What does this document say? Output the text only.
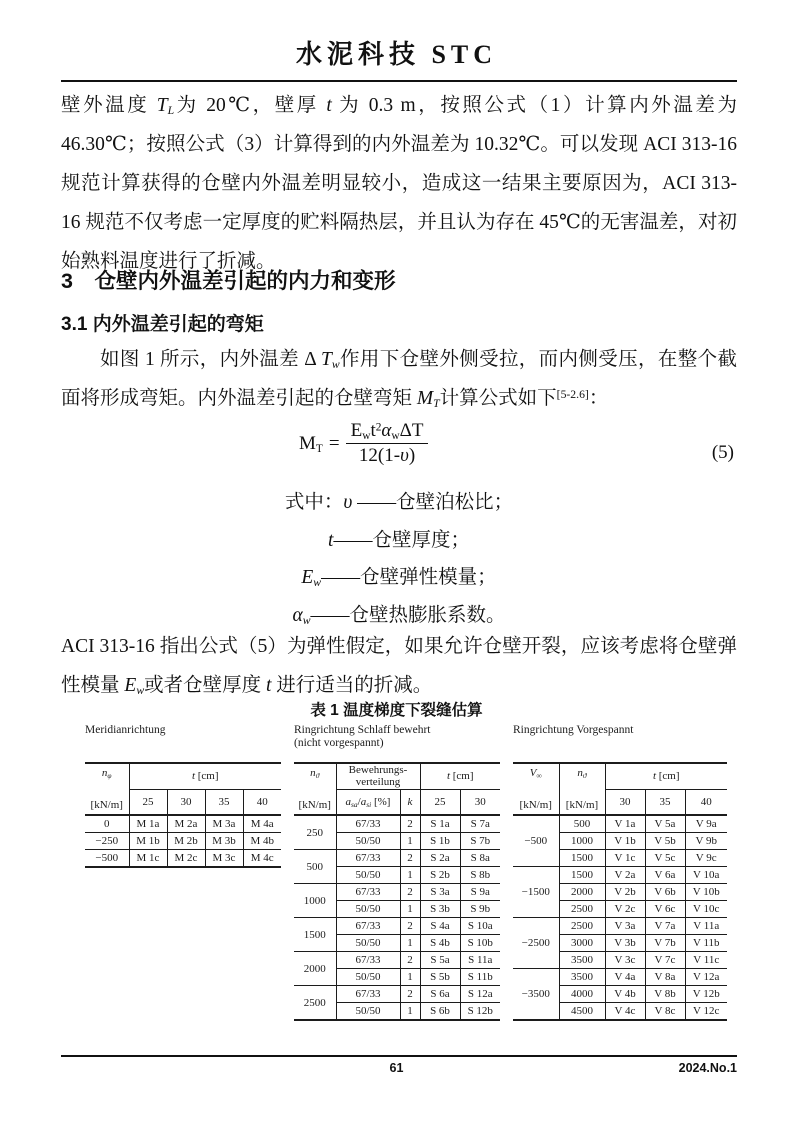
水泥科技 STC

壁外温度 $T_L$为 20℃，壁厚 t 为 0.3 m，按照公式（1）计算内外温差为 46.30℃；按照公式（3）计算得到的内外温差为 10.32℃。可以发现 ACI 313-16 规范计算获得的仓壁内外温差明显较小，造成这一结果主要原因为，ACI 313-16 规范不仅考虑一定厚度的贮料隔热层，并且认为存在 45℃的无害温差，对初始熟料温度进行了折减。

3　仓壁内外温差引起的内力和变形
3.1 内外温差引起的弯矩

如图 1 所示，内外温差 Δ $T_w$作用下仓壁外侧受拉，而内侧受压，在整个截面将形成弯矩。内外温差引起的仓壁弯矩 $M_T$计算公式如下[5-2.6]：

$M_T = \frac{E_wt^2\alpha_w\Delta T}{12(1-\upsilon)}$	(5)
式中：υ ——仓壁泊松比；
t——仓壁厚度；
$E_w——$仓壁弹性模量；
$\alpha_w——$仓壁热膨胀系数。

ACI 313-16 指出公式（5）为弹性假定，如果允许仓壁开裂，应该考虑将仓壁弹性模量 $E_w$或者仓壁厚度 t 进行适当的折减。

表 1 温度梯度下裂缝估算
Meridianrichtung
$n_\varphi$
[kN/m]	t [cm]			

	25	30	35	40

0	M 1a	M 2a	M 3a	M 4a
−250	M 1b	M 2b	M 3b	M 4b
−500	M 1c	M 2c	M 3c	M 4c
Ringrichtung Schlaff bewehrt
(nicht vorgespannt)
$n_ϑ$
[kN/m]

Bewehrungs-
verteilung	t [cm]

	$a_{sa}/a_{si}$ [%]	k	25	30

250	67/33	2	S 1a	S 7a
	50/50	1	S 1b	S 7b
500	67/33	2	S 2a	S 8a
	50/50	1	S 2b	S 8b
1000	67/33	2	S 3a	S 9a
	50/50	1	S 3b	S 9b
1500	67/33	2	S 4a	S 10a
	50/50	1	S 4b	S 10b
2000	67/33	2	S 5a	S 11a
	50/50	1	S 5b	S 11b
2500	67/33	2	S 6a	S 12a
	50/50	1	S 6b	S 12b
Ringrichtung Vorgespannt
$V_\infty$
[kN/m]

$n_ϑ$
[kN/m]

t [cm]

		30	35	40

−500	500	V 1a	V 5a	V 9a
	1000	V 1b	V 5b	V 9b
	1500	V 1c	V 5c	V 9c
−1500	1500	V 2a	V 6a	V 10a
	2000	V 2b	V 6b	V 10b
	2500	V 2c	V 6c	V 10c
−2500	2500	V 3a	V 7a	V 11a
	3000	V 3b	V 7b	V 11b
	3500	V 3c	V 7c	V 11c
−3500	3500	V 4a	V 8a	V 12a
	4000	V 4b	V 8b	V 12b
	4500	V 4c	V 8c	V 12c
61	2024.No.1
